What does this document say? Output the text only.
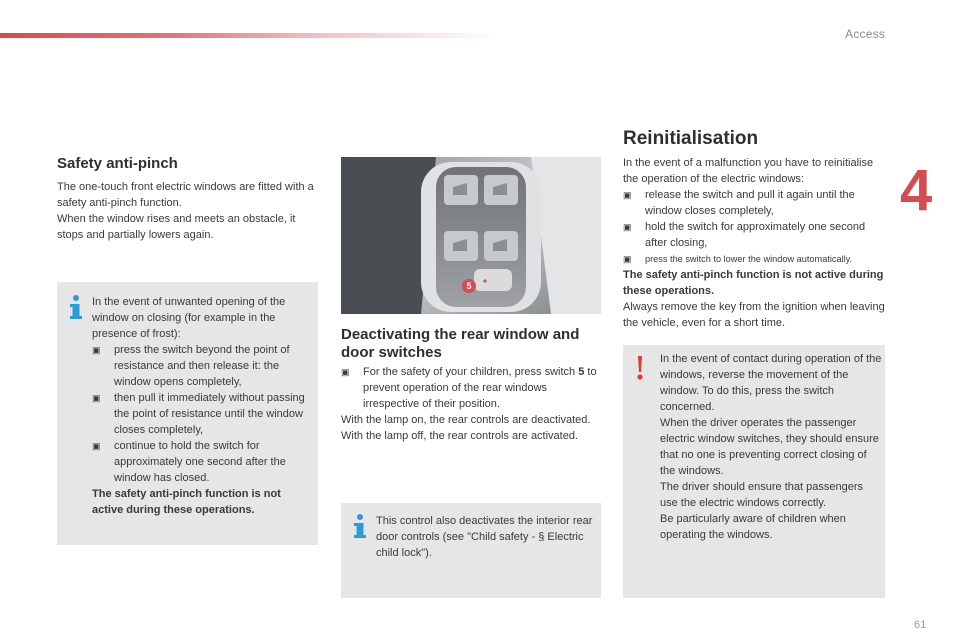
Access
4
Safety anti-pinch

The one-touch front electric windows are fitted with a safety anti-pinch function.

When the window rises and meets an obstacle, it stops and partially lowers again.

In the event of unwanted opening of the window on closing (for example in the presence of frost):

▣	press the switch beyond the point of resistance and then release it: the window opens completely,
▣	then pull it immediately without passing the point of resistance until the window closes completely,
▣	continue to hold the switch for approximately one second after the window has closed.

The safety anti-pinch function is not active during these operations.

5
Deactivating the rear window and door switches
▣	For the safety of your children, press switch 5 to prevent operation of the rear windows irrespective of their position.

With the lamp on, the rear controls are deactivated.

With the lamp off, the rear controls are activated.

This control also deactivates the interior rear door controls (see "Child safety - § Electric child lock").
Reinitialisation

In the event of a malfunction you have to reinitialise the operation of the electric windows:

▣	release the switch and pull it again until the window closes completely,
▣	hold the switch for approximately one second after closing,
▣	press the switch to lower the window automatically.

The safety anti-pinch function is not active during these operations.

Always remove the key from the ignition when leaving the vehicle, even for a short time.

In the event of contact during operation of the windows, reverse the movement of the window. To do this, press the switch concerned.

When the driver operates the passenger electric window switches, they should ensure that no one is preventing correct closing of the windows.

The driver should ensure that passengers use the electric windows correctly.

Be particularly aware of children when operating the windows.

61
